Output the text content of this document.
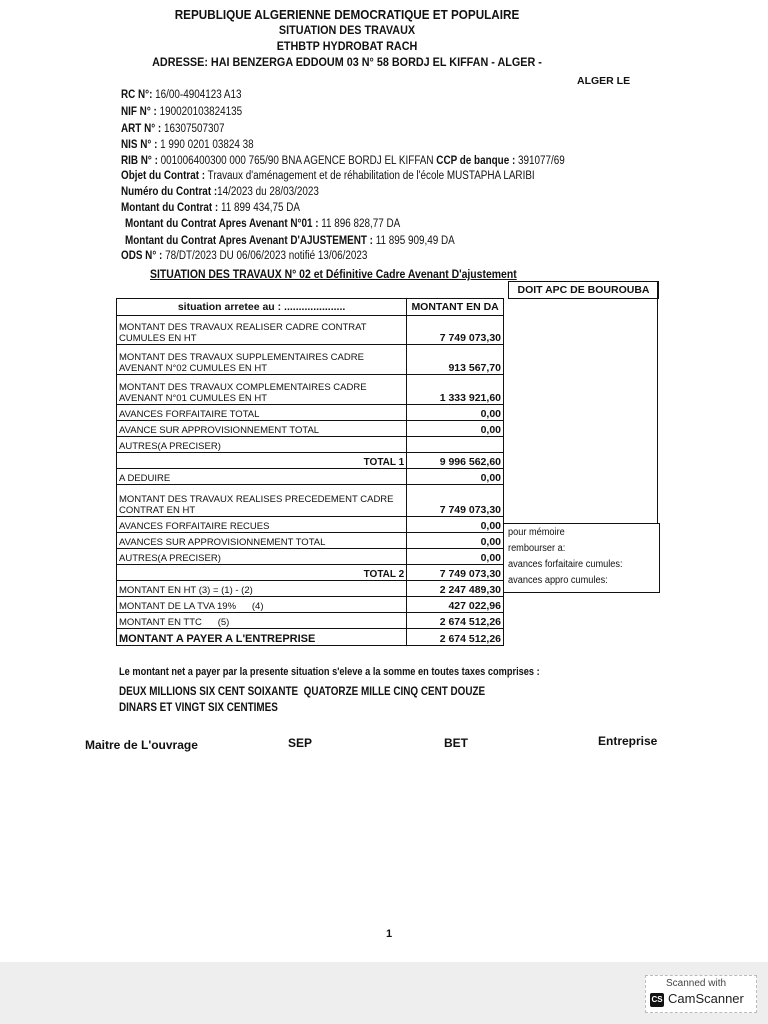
REPUBLIQUE ALGERIENNE DEMOCRATIQUE ET POPULAIRE
SITUATION DES TRAVAUX
ETHBTP HYDROBAT RACH
ADRESSE: HAI BENZERGA EDDOUM 03 N° 58 BORDJ EL KIFFAN - ALGER -
ALGER LE
RC N°: 16/00-4904123 A13
NIF N° : 190020103824135
ART N° : 16307507307
NIS N° : 1 990 0201 03824 38
RIB N° : 001006400300 000 765/90 BNA AGENCE BORDJ EL KIFFAN CCP de banque : 391077/69
Objet du Contrat : Travaux d'aménagement et de réhabilitation de l'école MUSTAPHA LARIBI
Numéro du Contrat :14/2023 du 28/03/2023
Montant du Contrat : 11 899 434,75 DA
Montant du Contrat Apres Avenant N°01 : 11 896 828,77 DA
Montant du Contrat Apres Avenant D'AJUSTEMENT : 11 895 909,49 DA
ODS N° : 78/DT/2023 DU 06/06/2023 notifié 13/06/2023
SITUATION DES TRAVAUX N° 02 et Définitive Cadre Avenant D'ajustement
DOIT APC DE BOUROUBA
situation arretee au : .....................	MONTANT EN DA
MONTANT DES TRAVAUX REALISER CADRE CONTRAT CUMULES EN HT	7 749 073,30
MONTANT DES TRAVAUX SUPPLEMENTAIRES CADRE AVENANT N°02 CUMULES EN HT	913 567,70
MONTANT DES TRAVAUX COMPLEMENTAIRES CADRE AVENANT N°01 CUMULES EN HT	1 333 921,60
AVANCES FORFAITAIRE TOTAL	0,00
AVANCE SUR APPROVISIONNEMENT TOTAL	0,00
AUTRES(A PRECISER)	
TOTAL 1	9 996 562,60
A DEDUIRE	0,00
MONTANT DES TRAVAUX REALISES PRECEDEMENT CADRE CONTRAT EN HT	7 749 073,30
AVANCES FORFAITAIRE RECUES	0,00
AVANCES SUR APPROVISIONNEMENT TOTAL	0,00
AUTRES(A PRECISER)	0,00
TOTAL 2	7 749 073,30
MONTANT EN HT (3) = (1) - (2)	2 247 489,30
MONTANT DE LA TVA 19%      (4)	427 022,96
MONTANT EN TTC      (5)	2 674 512,26
MONTANT A PAYER A L'ENTREPRISE	2 674 512,26
pour mémoire
rembourser a:
avances forfaitaire cumules:
avances appro cumules:
Le montant net a payer par la presente situation s'eleve a la somme en toutes taxes comprises :
DEUX MILLIONS SIX CENT SOIXANTE  QUATORZE MILLE CINQ CENT DOUZE
DINARS ET VINGT SIX CENTIMES
Maitre de L'ouvrage	SEP	BET	Entreprise
1
Scanned with
CS CamScanner
